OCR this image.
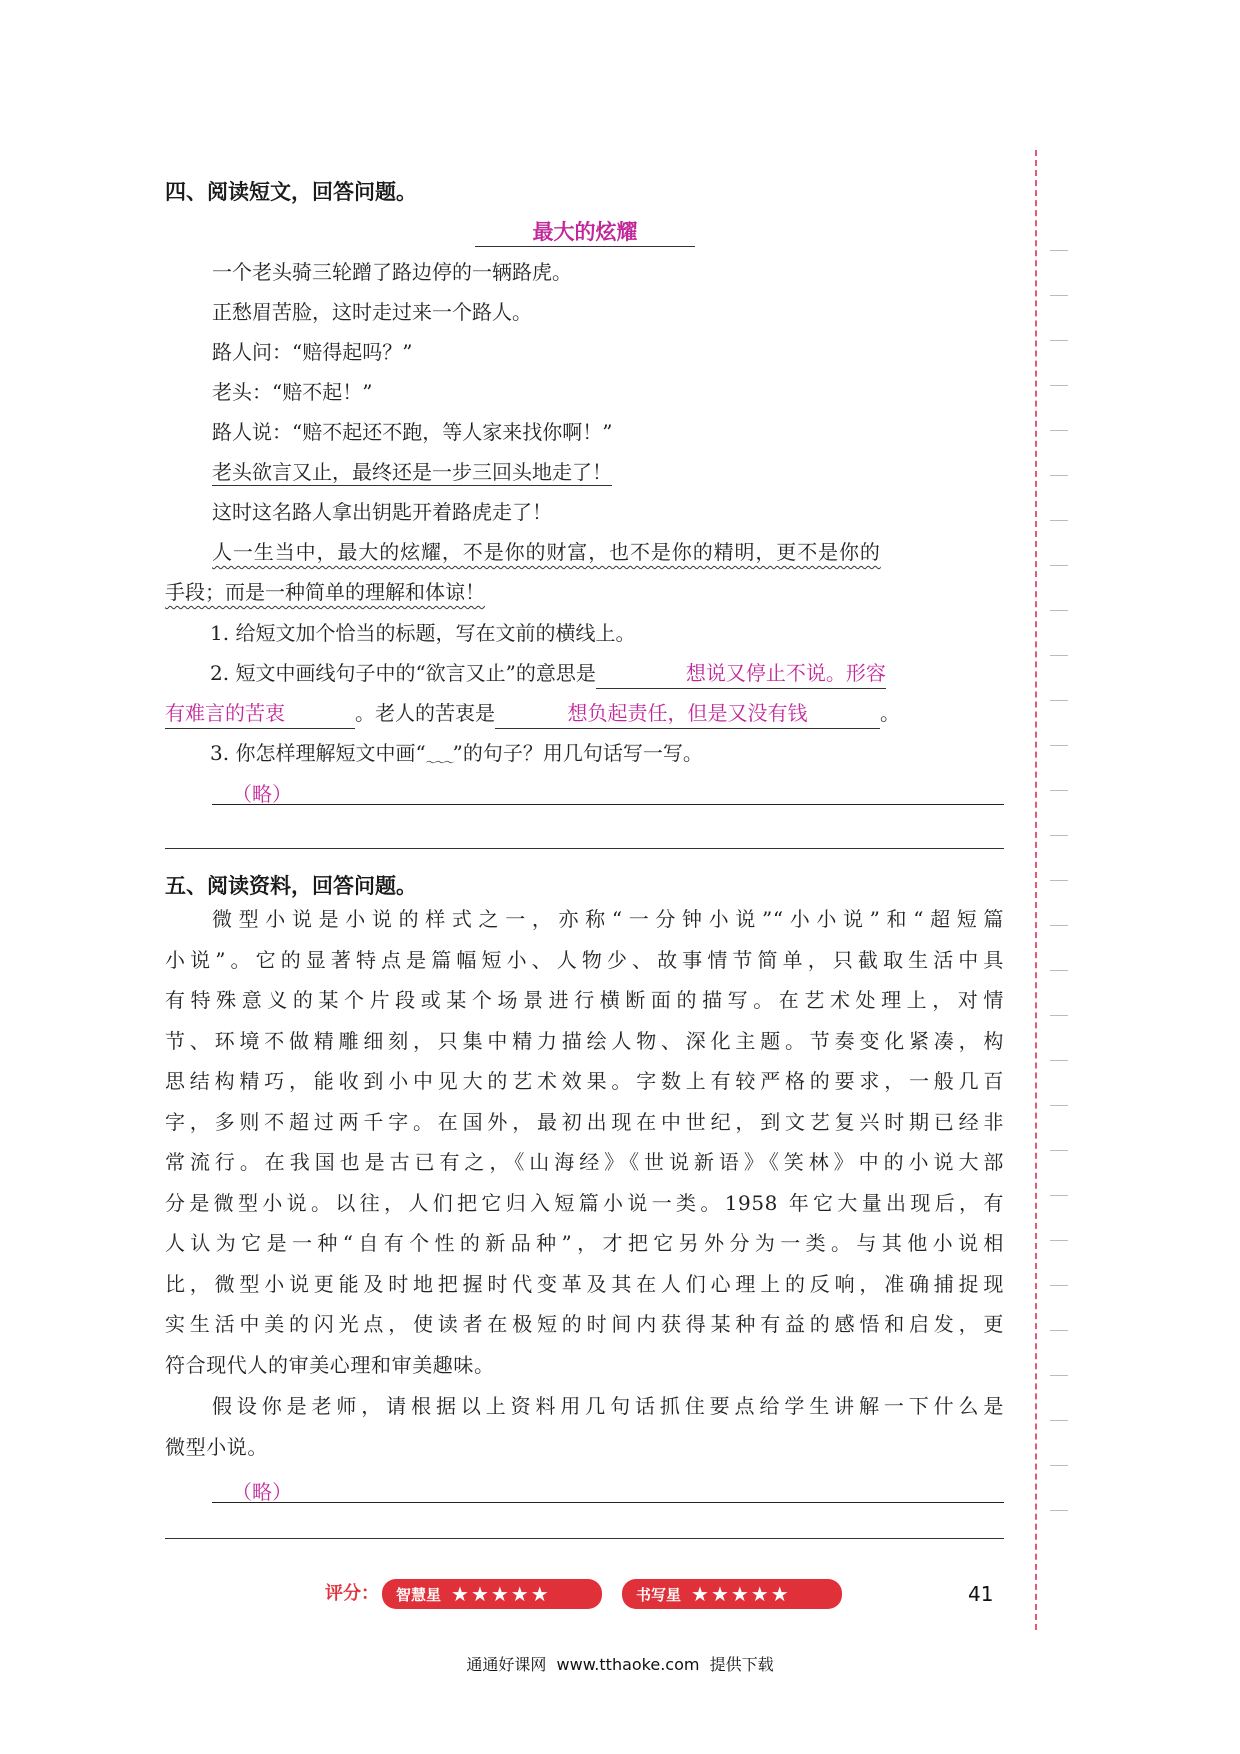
四、阅读短文，回答问题。
最大的炫耀
一个老头骑三轮蹭了路边停的一辆路虎。
正愁眉苦脸，这时走过来一个路人。
路人问：“赔得起吗？”
老头：“赔不起！”
路人说：“赔不起还不跑，等人家来找你啊！”
老头欲言又止，最终还是一步三回头地走了！
这时这名路人拿出钥匙开着路虎走了！
人一生当中，最大的炫耀，不是你的财富，也不是你的精明，更不是你的
手段；而是一种简单的理解和体谅！
1. 给短文加个恰当的标题，写在文前的横线上。
2. 短文中画线句子中的“欲言又止”的意思是	想说又停止不说。形容
有难言的苦衷	。老人的苦衷是	想负起责任，但是又没有钱	。
3. 你怎样理解短文中画“$_{\sim\sim\sim}$”的句子？用几句话写一写。
（略）
五、阅读资料，回答问题。
微型小说是小说的样式之一，亦称“一分钟小说”“小小说”和“超短篇
小说”。它的显著特点是篇幅短小、人物少、故事情节简单，只截取生活中具
有特殊意义的某个片段或某个场景进行横断面的描写。在艺术处理上，对情
节、环境不做精雕细刻，只集中精力描绘人物、深化主题。节奏变化紧凑，构
思结构精巧，能收到小中见大的艺术效果。字数上有较严格的要求，一般几百
字，多则不超过两千字。在国外，最初出现在中世纪，到文艺复兴时期已经非
常流行。在我国也是古已有之，《山海经》《世说新语》《笑林》中的小说大部
分是微型小说。以往，人们把它归入短篇小说一类。1958 年它大量出现后，有
人认为它是一种“自有个性的新品种”，才把它另外分为一类。与其他小说相
比，微型小说更能及时地把握时代变革及其在人们心理上的反响，准确捕捉现
实生活中美的闪光点，使读者在极短的时间内获得某种有益的感悟和启发，更
符合现代人的审美心理和审美趣味。
假设你是老师，请根据以上资料用几句话抓住要点给学生讲解一下什么是
微型小说。
（略）
评分： 智慧星 ★★★★★	书写星 ★★★★★	41
通通好课网  www.tthaoke.com  提供下载
